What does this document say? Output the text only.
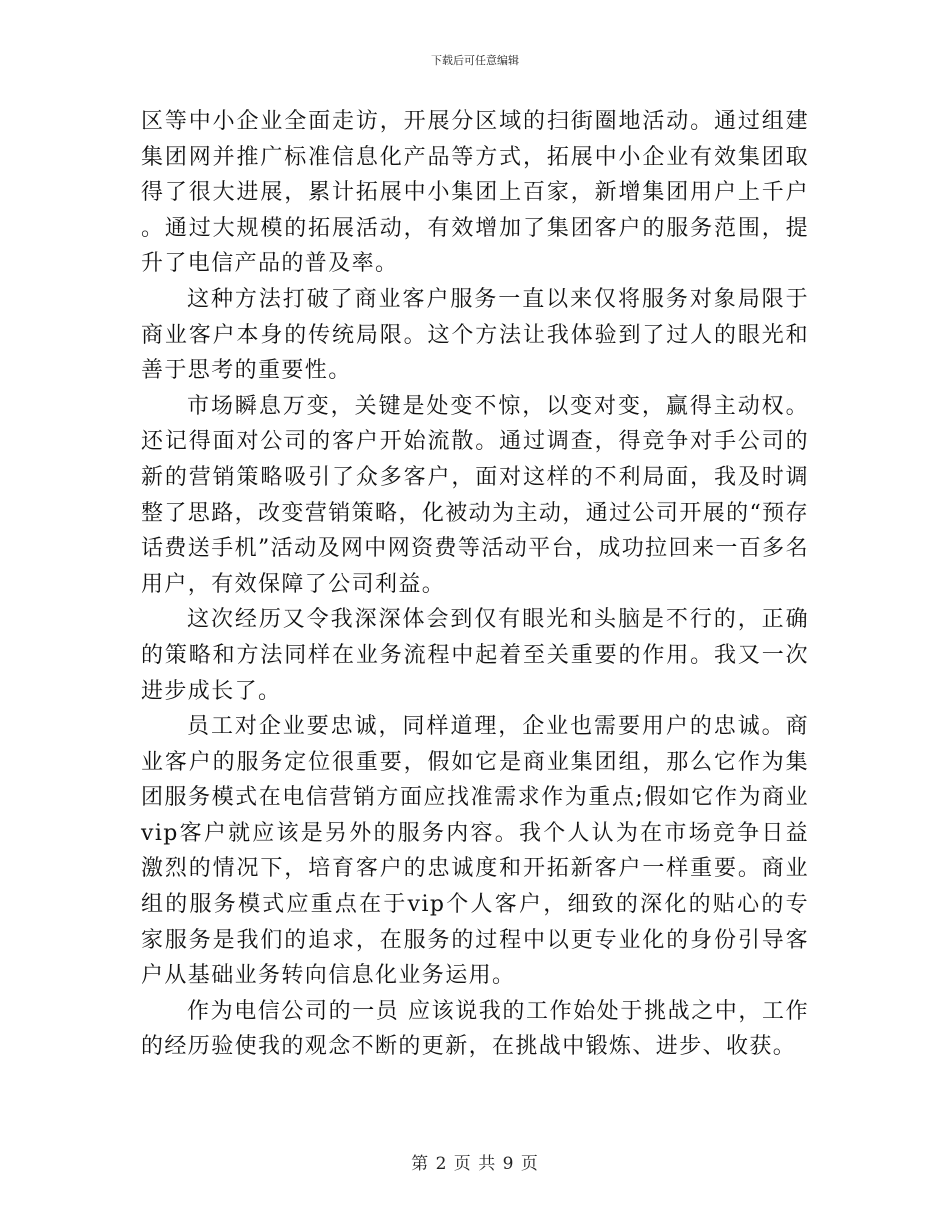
下载后可任意编辑

区等中小企业全面走访，开展分区域的扫街圈地活动。通过组建集团网并推广标准信息化产品等方式，拓展中小企业有效集团取得了很大进展，累计拓展中小集团上百家，新增集团用户上千户。通过大规模的拓展活动，有效增加了集团客户的服务范围，提升了电信产品的普及率。

这种方法打破了商业客户服务一直以来仅将服务对象局限于商业客户本身的传统局限。这个方法让我体验到了过人的眼光和善于思考的重要性。

市场瞬息万变，关键是处变不惊，以变对变，赢得主动权。还记得面对公司的客户开始流散。通过调查，得竞争对手公司的新的营销策略吸引了众多客户，面对这样的不利局面，我及时调整了思路，改变营销策略，化被动为主动，通过公司开展的“预存话费送手机”活动及网中网资费等活动平台，成功拉回来一百多名用户，有效保障了公司利益。

这次经历又令我深深体会到仅有眼光和头脑是不行的，正确的策略和方法同样在业务流程中起着至关重要的作用。我又一次进步成长了。

员工对企业要忠诚，同样道理，企业也需要用户的忠诚。商业客户的服务定位很重要，假如它是商业集团组，那么它作为集团服务模式在电信营销方面应找准需求作为重点;假如它作为商业vip客户就应该是另外的服务内容。我个人认为在市场竞争日益激烈的情况下，培育客户的忠诚度和开拓新客户一样重要。商业组的服务模式应重点在于vip个人客户，细致的深化的贴心的专家服务是我们的追求，在服务的过程中以更专业化的身份引导客户从基础业务转向信息化业务运用。

作为电信公司的一员 应该说我的工作始处于挑战之中，工作的经历验使我的观念不断的更新，在挑战中锻炼、进步、收获。

第 2 页 共 9 页
